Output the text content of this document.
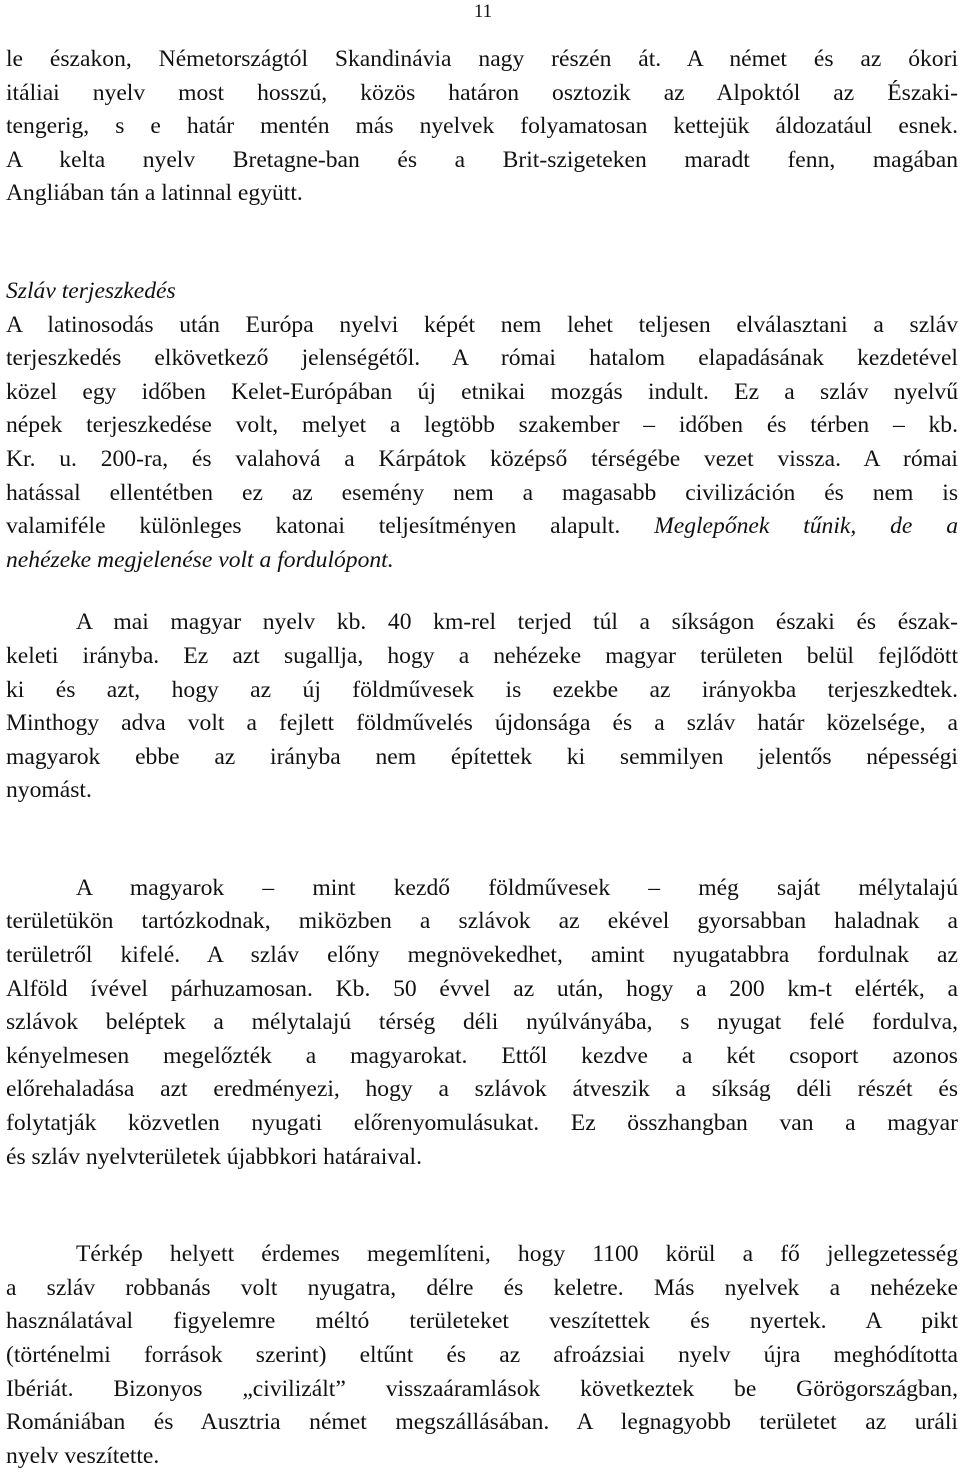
11

le északon, Németországtól Skandinávia nagy részén át. A német és az ókori

itáliai nyelv most hosszú, közös határon osztozik az Alpoktól az Északi-

tengerig, s e határ mentén más nyelvek folyamatosan kettejük áldozatául esnek.

A kelta nyelv Bretagne-ban és a Brit-szigeteken maradt fenn, magában

Angliában tán a latinnal együtt.

Szláv terjeszkedés

A latinosodás után Európa nyelvi képét nem lehet teljesen elválasztani a szláv

terjeszkedés elkövetkező jelenségétől. A római hatalom elapadásának kezdetével

közel egy időben Kelet-Európában új etnikai mozgás indult. Ez a szláv nyelvű

népek terjeszkedése volt, melyet a legtöbb szakember – időben és térben – kb.

Kr. u. 200-ra, és valahová a Kárpátok középső térségébe vezet vissza. A római

hatással ellentétben ez az esemény nem a magasabb civilizáción és nem is

valamiféle különleges katonai teljesítményen alapult. Meglepőnek tűnik, de a

nehézeke megjelenése volt a fordulópont.

A mai magyar nyelv kb. 40 km-rel terjed túl a síkságon északi és észak-

keleti irányba. Ez azt sugallja, hogy a nehézeke magyar területen belül fejlődött

ki és azt, hogy az új földművesek is ezekbe az irányokba terjeszkedtek.

Minthogy adva volt a fejlett földművelés újdonsága és a szláv határ közelsége, a

magyarok ebbe az irányba nem építettek ki semmilyen jelentős népességi

nyomást.

A magyarok – mint kezdő földművesek – még saját mélytalajú

területükön tartózkodnak, miközben a szlávok az ekével gyorsabban haladnak a

területről kifelé. A szláv előny megnövekedhet, amint nyugatabbra fordulnak az

Alföld ívével párhuzamosan. Kb. 50 évvel az után, hogy a 200 km-t elérték, a

szlávok beléptek a mélytalajú térség déli nyúlványába, s nyugat felé fordulva,

kényelmesen megelőzték a magyarokat. Ettől kezdve a két csoport azonos

előrehaladása azt eredményezi, hogy a szlávok átveszik a síkság déli részét és

folytatják közvetlen nyugati előrenyomulásukat. Ez összhangban van a magyar

és szláv nyelvterületek újabbkori határaival.

Térkép helyett érdemes megemlíteni, hogy 1100 körül a fő jellegzetesség

a szláv robbanás volt nyugatra, délre és keletre. Más nyelvek a nehézeke

használatával figyelemre méltó területeket veszítettek és nyertek. A pikt

(történelmi források szerint) eltűnt és az afroázsiai nyelv újra meghódította

Ibériát. Bizonyos „civilizált” visszaáramlások következtek be Görögországban,

Romániában és Ausztria német megszállásában. A legnagyobb területet az uráli

nyelv veszítette.
